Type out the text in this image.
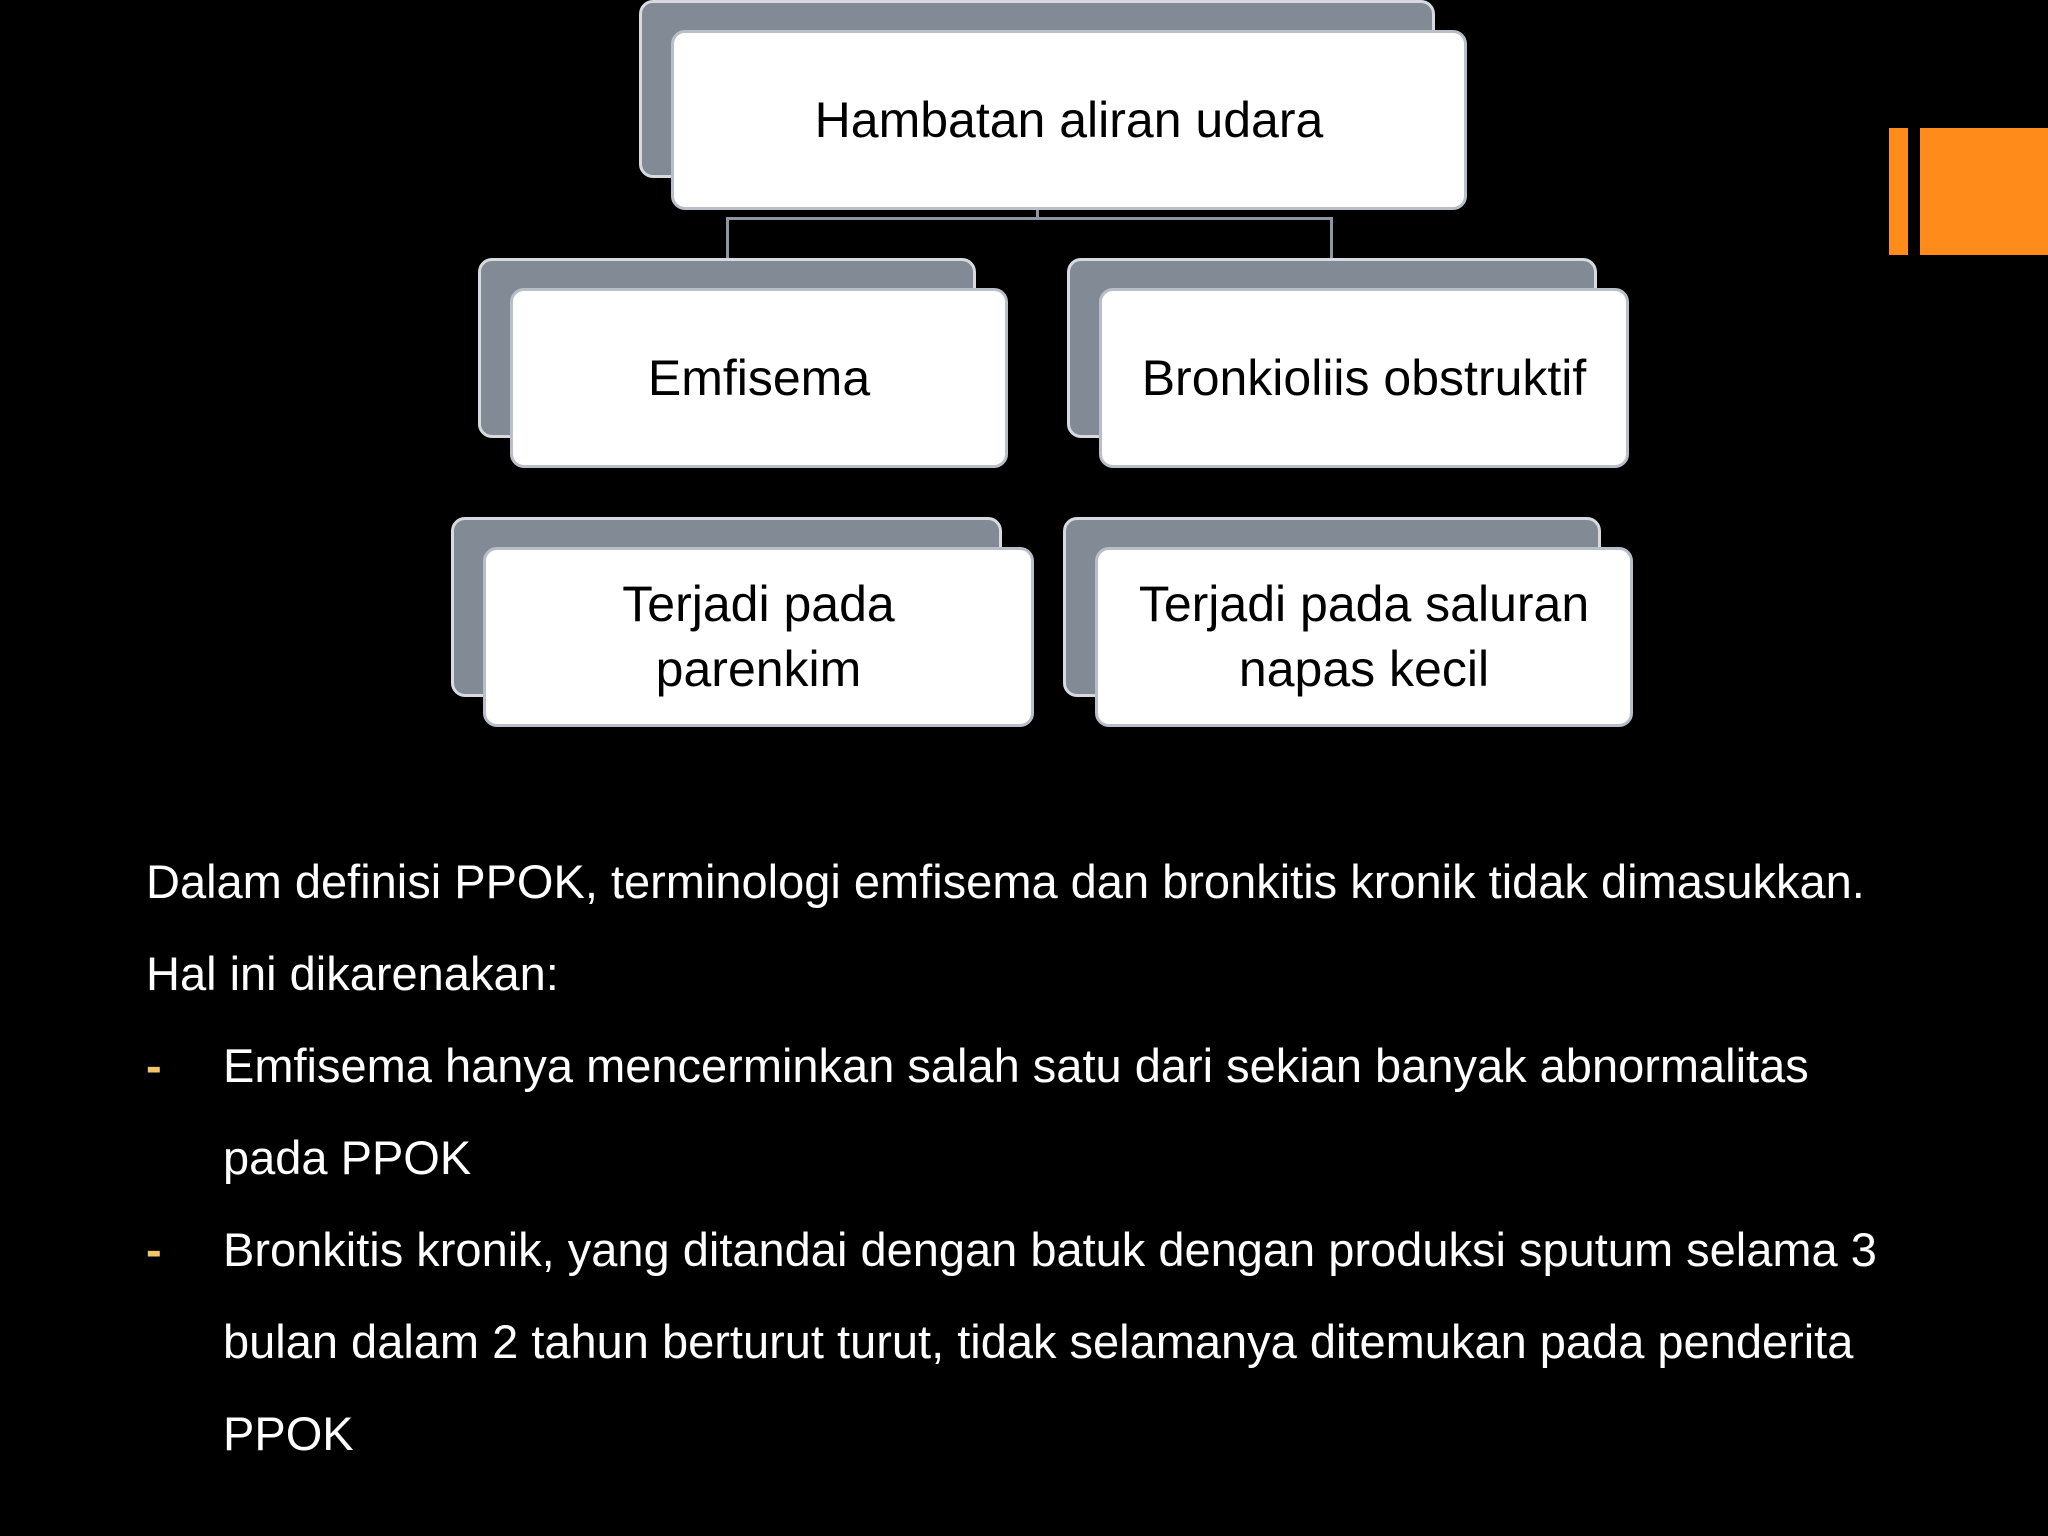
Hambatan aliran udara
Emfisema	Bronkioliis obstruktif
Terjadi pada parenkim
Terjadi pada saluran napas kecil

Dalam definisi PPOK, terminologi emfisema dan bronkitis kronik tidak dimasukkan. Hal ini dikarenakan:

- Emfisema hanya mencerminkan salah satu dari sekian banyak abnormalitas pada PPOK

- Bronkitis kronik, yang ditandai dengan batuk dengan produksi sputum selama 3 bulan dalam 2 tahun berturut turut, tidak selamanya ditemukan pada penderita PPOK
